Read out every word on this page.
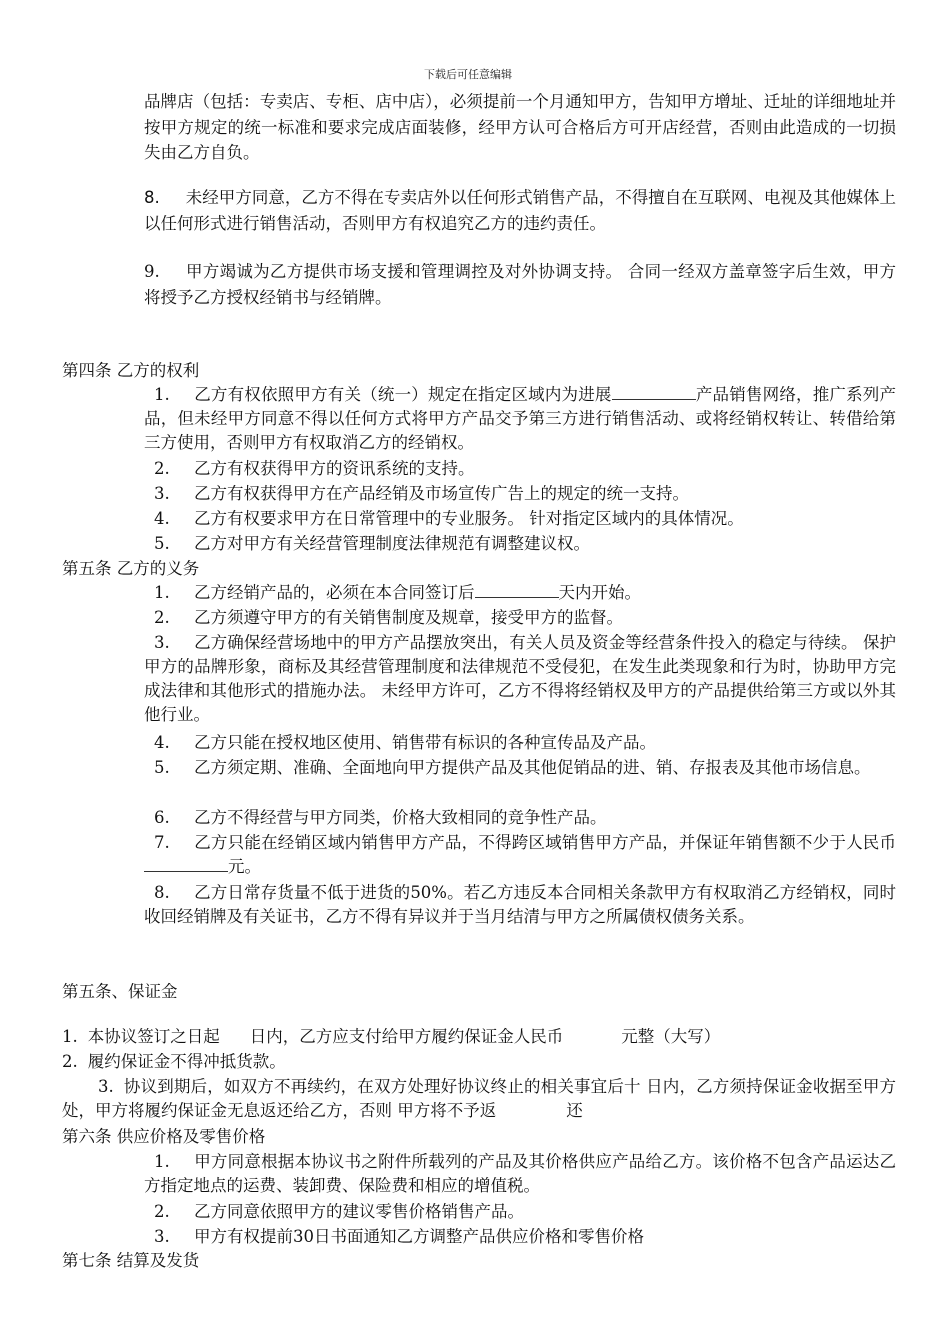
下载后可任意编辑
品牌店（包括：专卖店、专柜、店中店），必须提前一个月通知甲方，告知甲方增址、迁址的详细地址并按甲方规定的统一标准和要求完成店面装修，经甲方认可合格后方可开店经营，否则由此造成的一切损失由乙方自负。
8. 未经甲方同意，乙方不得在专卖店外以任何形式销售产品，不得擅自在互联网、电视及其他媒体上以任何形式进行销售活动，否则甲方有权追究乙方的违约责任。
9. 甲方竭诚为乙方提供市场支援和管理调控及对外协调支持。 合同一经双方盖章签字后生效，甲方将授予乙方授权经销书与经销牌。
第四条 乙方的权利
1. 乙方有权依照甲方有关（统一）规定在指定区域内为进展	产品销售网络，推广系列产品，但未经甲方同意不得以任何方式将甲方产品交予第三方进行销售活动、或将经销权转让、转借给第三方使用，否则甲方有权取消乙方的经销权。
2. 乙方有权获得甲方的资讯系统的支持。
3. 乙方有权获得甲方在产品经销及市场宣传广告上的规定的统一支持。
4. 乙方有权要求甲方在日常管理中的专业服务。 针对指定区域内的具体情况。
5. 乙方对甲方有关经营管理制度法律规范有调整建议权。
第五条 乙方的义务
1. 乙方经销产品的，必须在本合同签订后	天内开始。
2. 乙方须遵守甲方的有关销售制度及规章，接受甲方的监督。
3. 乙方确保经营场地中的甲方产品摆放突出，有关人员及资金等经营条件投入的稳定与待续。 保护甲方的品牌形象，商标及其经营管理制度和法律规范不受侵犯，在发生此类现象和行为时，协助甲方完成法律和其他形式的措施办法。 未经甲方许可，乙方不得将经销权及甲方的产品提供给第三方或以外其他行业。
4. 乙方只能在授权地区使用、销售带有标识的各种宣传品及产品。
5. 乙方须定期、准确、全面地向甲方提供产品及其他促销品的进、销、存报表及其他市场信息。
6. 乙方不得经营与甲方同类，价格大致相同的竞争性产品。
7. 乙方只能在经销区域内销售甲方产品，不得跨区域销售甲方产品，并保证年销售额不少于人民币元。
8. 乙方日常存货量不低于进货的50%。若乙方违反本合同相关条款甲方有权取消乙方经销权，同时收回经销牌及有关证书，乙方不得有异议并于当月结清与甲方之所属债权债务关系。
第五条、保证金
1. 本协议签订之日起 日内，乙方应支付给甲方履约保证金人民币	元整（大写）
2. 履约保证金不得冲抵货款。
3. 协议到期后，如双方不再续约，在双方处理好协议终止的相关事宜后十 日内，乙方须持保证金收据至甲方处，甲方将履约保证金无息返还给乙方，否则 甲方将不予返	还
第六条 供应价格及零售价格
1. 甲方同意根据本协议书之附件所载列的产品及其价格供应产品给乙方。该价格不包含产品运达乙方指定地点的运费、装卸费、保险费和相应的增值税。
2. 乙方同意依照甲方的建议零售价格销售产品。
3. 甲方有权提前30日书面通知乙方调整产品供应价格和零售价格
第七条 结算及发货
